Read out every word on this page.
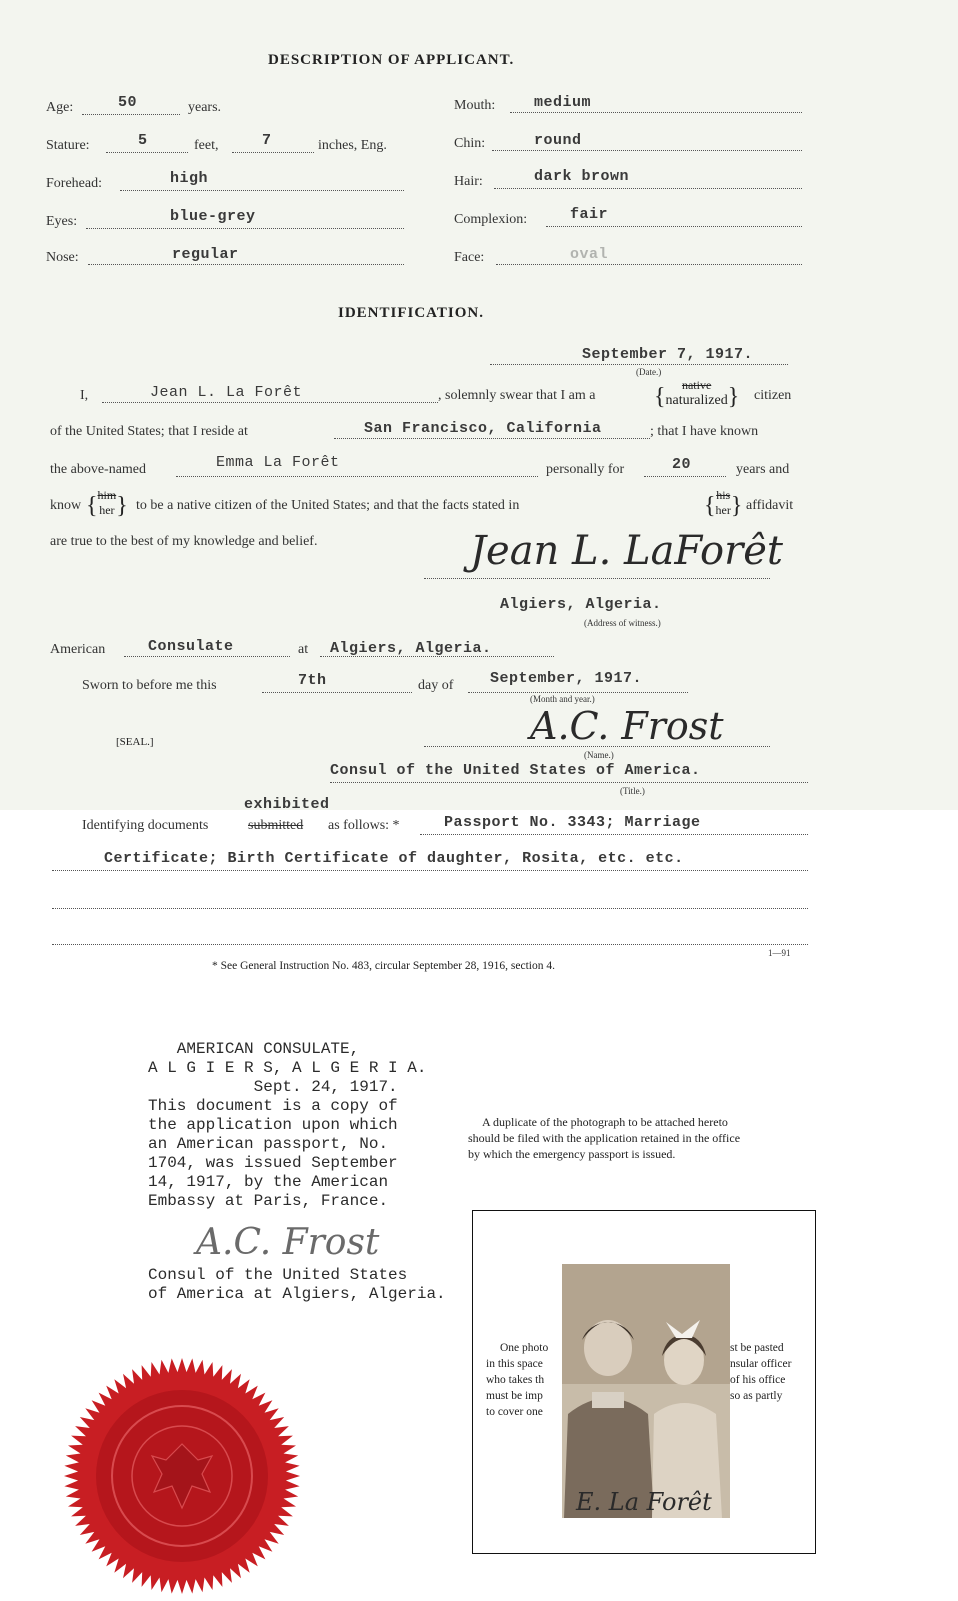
DESCRIPTION OF APPLICANT.
Age:	50	years.
Stature:	5	feet,	7	inches, Eng.
Forehead:	high
Eyes:	blue-grey
Nose:	regular
Mouth:	medium
Chin:	round
Hair:	dark brown
Complexion:	fair
Face:	oval
IDENTIFICATION.
September 7, 1917.
(Date.)
I,	Jean L. La Forêt	, solemnly swear that I am a { native
naturalized} citizen
of the United States; that I reside at	San Francisco, California	; that I have known
the above-named	Emma La Forêt	personally for	20	years and
know {him
her} to be a native citizen of the United States; and that the facts stated in	{his
her} affidavit
are true to the best of my knowledge and belief.	Jean L. LaForêt
Algiers, Algeria.
(Address of witness.)
American	Consulate	at Algiers, Algeria.
Sworn to before me this	7th	day of September, 1917.
(Month and year.)
[SEAL.]	A.C. Frost
(Name.)
Consul of the United States of America.
(Title.)
exhibited
Identifying documents	submitted as follows: *	Passport No. 3343; Marriage
Certificate; Birth Certificate of daughter, Rosita, etc. etc.
1—91
* See General Instruction No. 483, circular September 28, 1916, section 4.
AMERICAN CONSULATE,
A L G I E R S, A L G E R I A.
Sept. 24, 1917.
This document is a copy of
the application upon which
an American passport, No.
1704, was issued September
14, 1917, by the American
Embassy at Paris, France.
A.C. Frost
Consul of the United States
of America at Algiers, Algeria.
A duplicate of the photograph to be attached hereto
should be filed with the application retained in the office
by which the emergency passport is issued.
One photo
in this space
who takes th
must be imp
to cover one
st be pasted
nsular officer
of his office
so as partly
E. La Forêt
